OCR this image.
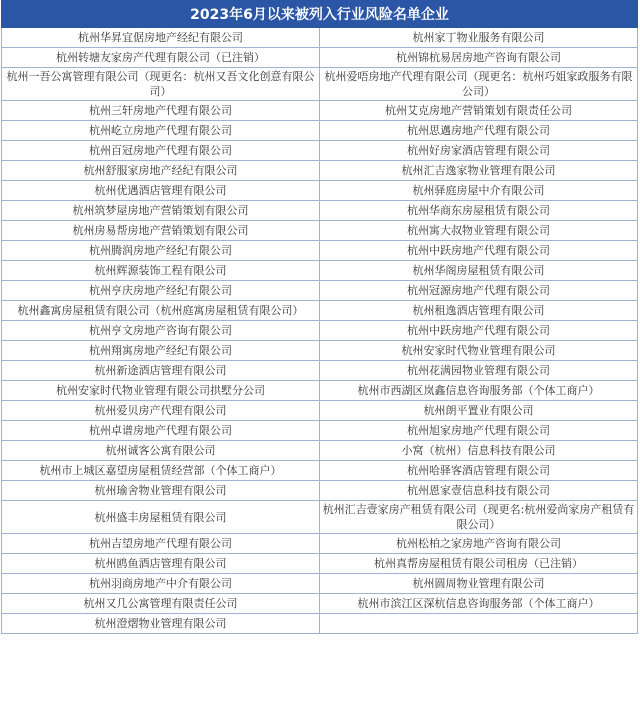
2023年6月以来被列入行业风险名单企业	
杭州华昇宜倨房地产经纪有限公司	杭州家丁物业服务有限公司
杭州转塘友家房产代理有限公司（已注销）	杭州锦杭易居房地产咨询有限公司
杭州一吾公寓管理有限公司（现更名：杭州又吾文化创意有限公司）	杭州爱唔房地产代理有限公司（现更名：杭州巧姐家政服务有限公司）
杭州三轩房地产代理有限公司	杭州艾克房地产营销策划有限责任公司
杭州屹立房地产代理有限公司	杭州思邁房地产代理有限公司
杭州百冠房地产代理有限公司	杭州好房家酒店管理有限公司
杭州舒服家房地产经纪有限公司	杭州汇吉逸家物业管理有限公司
杭州优遇酒店管理有限公司	杭州驿庭房屋中介有限公司
杭州筑梦屋房地产营销策划有限公司	杭州华商东房屋租赁有限公司
杭州房易帮房地产营销策划有限公司	杭州寓大叔物业管理有限公司
杭州腾润房地产经纪有限公司	杭州中跃房地产代理有限公司
杭州辉源装饰工程有限公司	杭州华阁房屋租赁有限公司
杭州亨庆房地产经纪有限公司	杭州冠源房地产代理有限公司
杭州鑫寓房屋租赁有限公司（杭州庭寓房屋租赁有限公司）	杭州租逸酒店管理有限公司
杭州亨文房地产咨询有限公司	杭州中跃房地产代理有限公司
杭州翔寓房地产经纪有限公司	杭州安家时代物业管理有限公司
杭州新途酒店管理有限公司	杭州花满园物业管理有限公司
杭州安家时代物业管理有限公司拱墅分公司	杭州市西湖区岚鑫信息咨询服务部（个体工商户）
杭州爱贝房产代理有限公司	杭州朗平置业有限公司
杭州卓谱房地产代理有限公司	杭州旭家房地产代理有限公司
杭州诚客公寓有限公司	小窝（杭州）信息科技有限公司
杭州市上城区嘉望房屋租赁经营部（个体工商户）	杭州哈驿客酒店管理有限公司
杭州瑜舍物业管理有限公司	杭州恩家壹信息科技有限公司
杭州盛丰房屋租赁有限公司	杭州汇吉壹家房产租赁有限公司（现更名:杭州爱尚家房产租赁有限公司）
杭州吉望房地产代理有限公司	杭州松柏之家房地产咨询有限公司
杭州鸥鱼酒店管理有限公司	杭州真帮房屋租赁有限公司租房（已注销）
杭州羽商房地产中介有限公司	杭州圆周物业管理有限公司
杭州又几公寓管理有限责任公司	杭州市滨江区深杭信息咨询服务部（个体工商户）
杭州澄熠物业管理有限公司	
